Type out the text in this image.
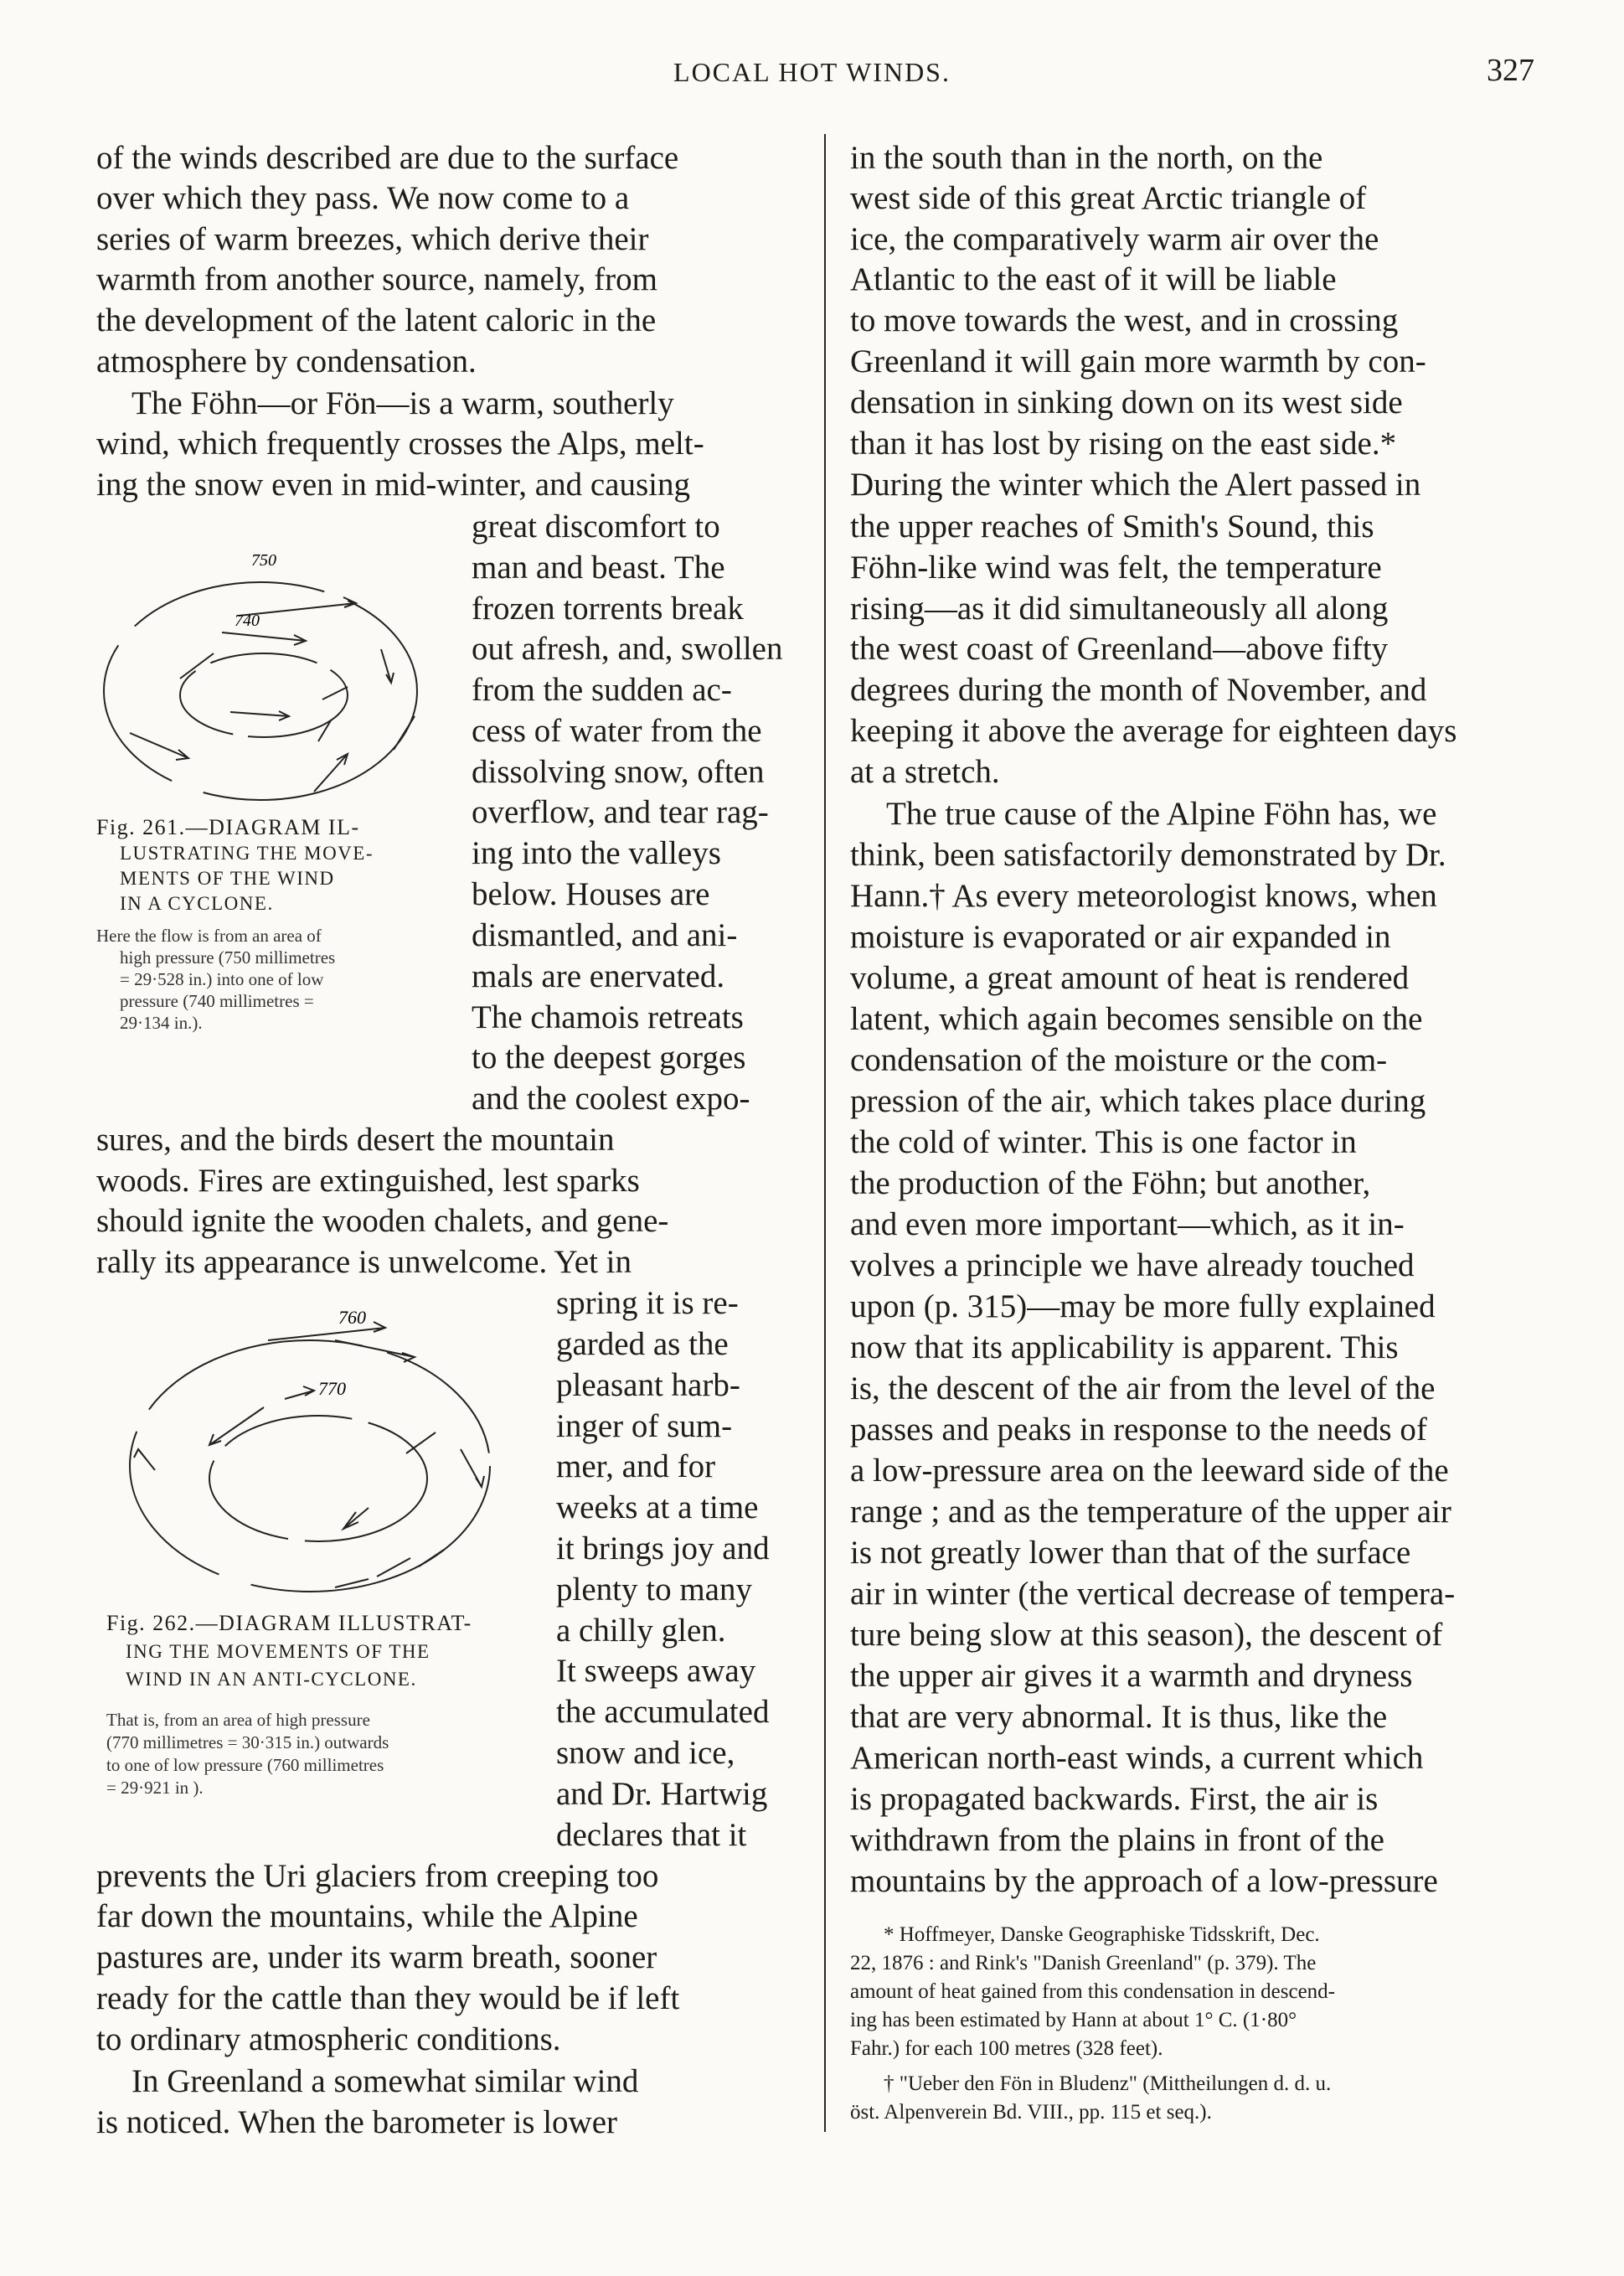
LOCAL HOT WINDS.	327
of the winds described are due to the surface
over which they pass. We now come to a
series of warm breezes, which derive their
warmth from another source, namely, from
the development of the latent caloric in the
atmosphere by condensation.
The Föhn—or Fön—is a warm, southerly
wind, which frequently crosses the Alps, melt-
ing the snow even in mid-winter, and causing
great discomfort to
man and beast. The
frozen torrents break
out afresh, and, swollen
from the sudden ac-
cess of water from the
dissolving snow, often
overflow, and tear rag-
ing into the valleys
below. Houses are
dismantled, and ani-
mals are enervated.
The chamois retreats
to the deepest gorges
and the coolest expo-
sures, and the birds desert the mountain
woods. Fires are extinguished, lest sparks
should ignite the wooden chalets, and gene-
rally its appearance is unwelcome. Yet in
spring it is re-
garded as the
pleasant harb-
inger of sum-
mer, and for
weeks at a time
it brings joy and
plenty to many
a chilly glen.
It sweeps away
the accumulated
snow and ice,
and Dr. Hartwig
declares that it
prevents the Uri glaciers from creeping too
far down the mountains, while the Alpine
pastures are, under its warm breath, sooner
ready for the cattle than they would be if left
to ordinary atmospheric conditions.
In Greenland a somewhat similar wind
is noticed. When the barometer is lower
750
740
Fig. 261.—DIAGRAM IL-
LUSTRATING THE MOVE-
MENTS OF THE WIND
IN A CYCLONE.
Here the flow is from an area of
high pressure (750 millimetres
= 29·528 in.) into one of low
pressure (740 millimetres =
29·134 in.).
760
770
Fig. 262.—DIAGRAM ILLUSTRAT-
ING THE MOVEMENTS OF THE
WIND IN AN ANTI-CYCLONE.
That is, from an area of high pressure
(770 millimetres = 30·315 in.) outwards
to one of low pressure (760 millimetres
= 29·921 in ).
in the south than in the north, on the
west side of this great Arctic triangle of
ice, the comparatively warm air over the
Atlantic to the east of it will be liable
to move towards the west, and in crossing
Greenland it will gain more warmth by con-
densation in sinking down on its west side
than it has lost by rising on the east side.*
During the winter which the Alert passed in
the upper reaches of Smith's Sound, this
Föhn-like wind was felt, the temperature
rising—as it did simultaneously all along
the west coast of Greenland—above fifty
degrees during the month of November, and
keeping it above the average for eighteen days
at a stretch.
The true cause of the Alpine Föhn has, we
think, been satisfactorily demonstrated by Dr.
Hann.† As every meteorologist knows, when
moisture is evaporated or air expanded in
volume, a great amount of heat is rendered
latent, which again becomes sensible on the
condensation of the moisture or the com-
pression of the air, which takes place during
the cold of winter. This is one factor in
the production of the Föhn; but another,
and even more important—which, as it in-
volves a principle we have already touched
upon (p. 315)—may be more fully explained
now that its applicability is apparent. This
is, the descent of the air from the level of the
passes and peaks in response to the needs of
a low-pressure area on the leeward side of the
range ; and as the temperature of the upper air
is not greatly lower than that of the surface
air in winter (the vertical decrease of tempera-
ture being slow at this season), the descent of
the upper air gives it a warmth and dryness
that are very abnormal. It is thus, like the
American north-east winds, a current which
is propagated backwards. First, the air is
withdrawn from the plains in front of the
mountains by the approach of a low-pressure
* Hoffmeyer, Danske Geographiske Tidsskrift, Dec.
22, 1876 : and Rink's "Danish Greenland" (p. 379). The
amount of heat gained from this condensation in descend-
ing has been estimated by Hann at about 1° C. (1·80°
Fahr.) for each 100 metres (328 feet).
† "Ueber den Fön in Bludenz" (Mittheilungen d. d. u.
öst. Alpenverein Bd. VIII., pp. 115 et seq.).
